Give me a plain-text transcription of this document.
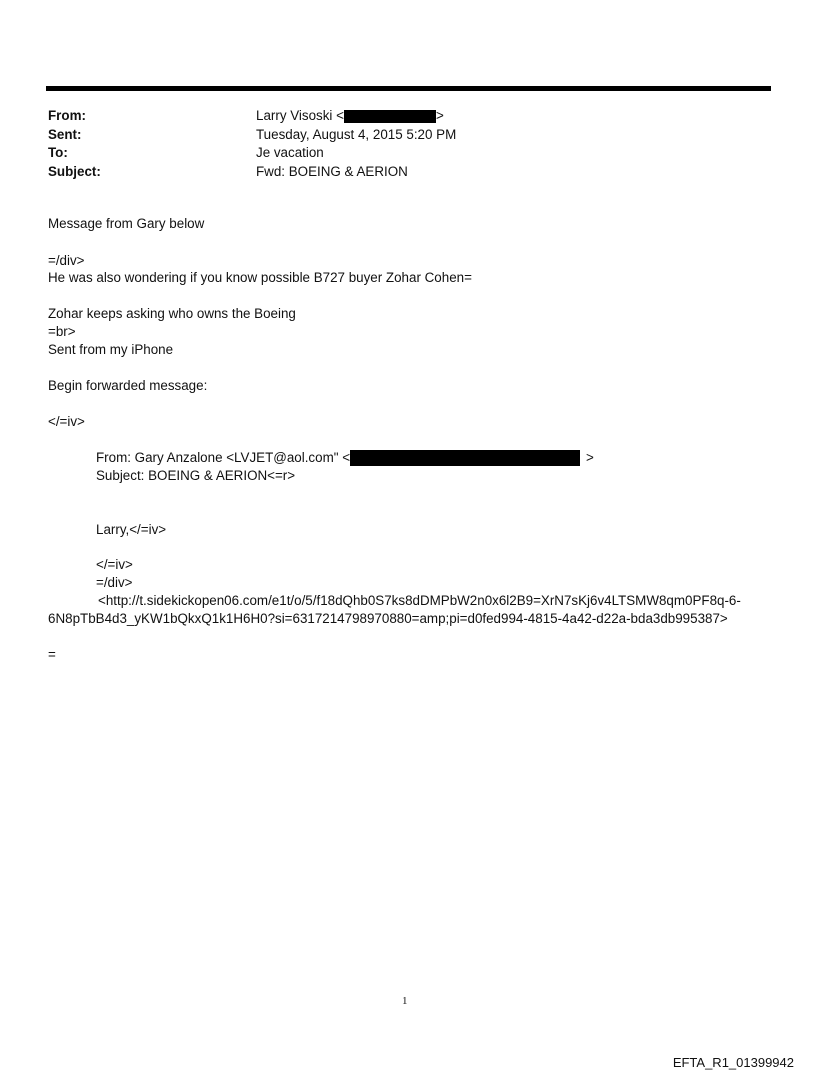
From:	Larry Visoski <	>
Sent:	Tuesday, August 4, 2015 5:20 PM
To:	Je vacation
Subject:	Fwd: BOEING & AERION
Message from Gary below
=/div>
He was also wondering if you know possible B727 buyer Zohar Cohen=
Zohar keeps asking who owns the Boeing
=br>
Sent from my iPhone
Begin forwarded message:
</=iv>
From: Gary Anzalone <LVJET@aol.com" <	>
Subject: BOEING & AERION<=r>
Larry,</=iv>
</=iv>
=/div>
<http://t.sidekickopen06.com/e1t/o/5/f18dQhb0S7ks8dDMPbW2n0x6l2B9=XrN7sKj6v4LTSMW8qm0PF8q-6-
6N8pTbB4d3_yKW1bQkxQ1k1H6H0?si=6317214798970880=amp;pi=d0fed994-4815-4a42-d22a-bda3db995387>
=
1
EFTA_R1_01399942
